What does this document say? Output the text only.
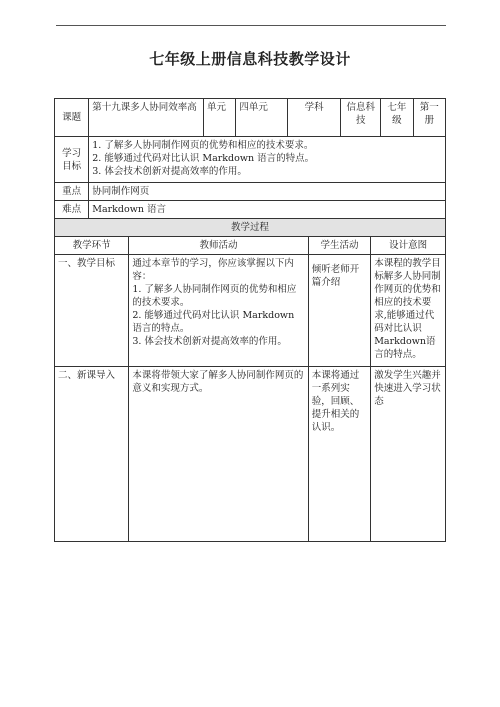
七年级上册信息科技教学设计
课题	第十九课多人协同效率高	单元	四单元	学科	信息科技	七年级	第一册
学习目标	1. 了解多人协同制作网页的优势和相应的技术要求。
2. 能够通过代码对比认识 Markdown 语言的特点。
3. 体会技术创新对提高效率的作用。						

重点	协同制作网页						
难点	Markdown 语言						
教学过程			
教学环节	教师活动	学生活动	设计意图
一、教学目标	通过本章节的学习，你应该掌握以下内容：
1. 了解多人协同制作网页的优势和相应的技术要求。
2. 能够通过代码对比认识 Markdown 语言的特点。
3. 体会技术创新对提高效率的作用。	倾听老师开篇介绍	本课程的教学目标解多人协同制作网页的优势和相应的技术要求,能够通过代码对比认识Markdown语言的特点。
二、新课导入	本课将带领大家了解多人协同制作网页的意义和实现方式。	本课将通过一系列实验，回顾、提升相关的认识。	激发学生兴趣并快速进入学习状态
